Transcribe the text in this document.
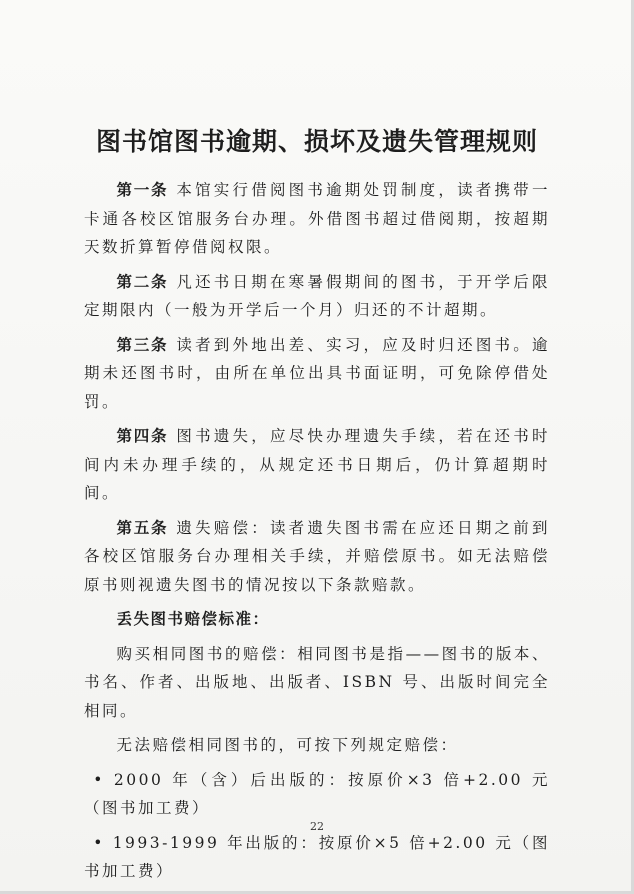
图书馆图书逾期、损坏及遗失管理规则

第一条 本馆实行借阅图书逾期处罚制度，读者携带一卡通各校区馆服务台办理。外借图书超过借阅期，按超期天数折算暂停借阅权限。

第二条 凡还书日期在寒暑假期间的图书，于开学后限定期限内（一般为开学后一个月）归还的不计超期。

第三条 读者到外地出差、实习，应及时归还图书。逾期未还图书时，由所在单位出具书面证明，可免除停借处罚。

第四条 图书遗失，应尽快办理遗失手续，若在还书时间内未办理手续的，从规定还书日期后，仍计算超期时间。

第五条 遗失赔偿：读者遗失图书需在应还日期之前到各校区馆服务台办理相关手续，并赔偿原书。如无法赔偿原书则视遗失图书的情况按以下条款赔款。

丢失图书赔偿标准：

购买相同图书的赔偿：相同图书是指——图书的版本、书名、作者、出版地、出版者、ISBN 号、出版时间完全相同。

无法赔偿相同图书的，可按下列规定赔偿：

• 2000 年（含）后出版的：按原价×3 倍+2.00 元（图书加工费）

• 1993-1999 年出版的：按原价×5 倍+2.00 元（图书加工费）

22
